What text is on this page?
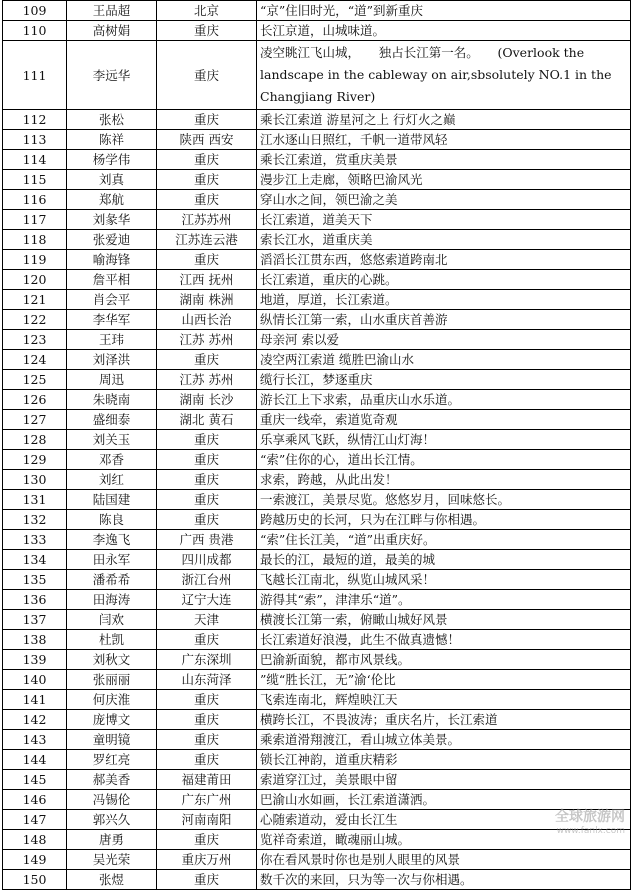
109	王品超	北京	“京”住旧时光，“道”到新重庆
110	高树娟	重庆	长江京道，山城味道。
111	李远华	重庆	凌空眺江飞山城，　　独占长江第一名。　　(Overlook the landscape in the cableway on air,sbsolutely NO.1 in the Changjiang River)
112	张松	重庆	乘长江索道 游星河之上 行灯火之巅
113	陈祥	陕西 西安	江水逐山日照红，千帆一道带风轻
114	杨学伟	重庆	乘长江索道，赏重庆美景
115	刘真	重庆	漫步江上走廊，领略巴渝风光
116	郑航	重庆	穿山水之间，领巴渝之美
117	刘彖华	江苏苏州	长江索道，道美天下
118	张爱迪	江苏连云港	索长江水，道重庆美
119	喻海锋	重庆	滔滔长江贯东西，悠悠索道跨南北
120	詹平相	江西 抚州	长江索道，重庆的心跳。
121	肖会平	湖南 株洲	地道，厚道，长江索道。
122	李华军	山西长治	纵情长江第一索，山水重庆首善游
123	王玮	江苏 苏州	母亲河 索以爱
124	刘泽洪	重庆	凌空两江索道 缆胜巴渝山水
125	周迅	江苏 苏州	缆行长江，梦逐重庆
126	朱晓南	湖南 长沙	游长江上下求索，品重庆山水乐道。
127	盛细泰	湖北 黄石	重庆一线牵，索道览奇观
128	刘关玉	重庆	乐享乘风飞跃，纵情江山灯海！
129	邓香	重庆	“索”住你的心，道出长江情。
130	刘红	重庆	求索，跨越，从此出发！
131	陆国建	重庆	一索渡江，美景尽览。悠悠岁月，回味悠长。
132	陈良	重庆	跨越历史的长河，只为在江畔与你相遇。
133	李逸飞	广西 贵港	“索”住长江美，“道”出重庆好。
134	田永军	四川成都	最长的江，最短的道，最美的城
135	潘希希	浙江台州	飞越长江南北，纵览山城风采！
136	田海涛	辽宁大连	游得其“索”，津津乐“道”。
137	闫欢	天津	横渡长江第一索，俯瞰山城好风景
138	杜凯	重庆	长江索道好浪漫，此生不做真遗憾！
139	刘秋文	广东深圳	巴渝新面貌，都市风景线。
140	张丽丽	山东菏泽	”缆“胜长江，无”渝‘伦比
141	何庆淮	重庆	飞索连南北，辉煌映江天
142	庞博文	重庆	横跨长江，不畏波涛；重庆名片，长江索道
143	童明镜	重庆	乘索道滑翔渡江，看山城立体美景。
144	罗红亮	重庆	锁长江神韵，道重庆精彩
145	郝美香	福建莆田	索道穿江过，美景眼中留
146	冯锡伦	广东广州	巴渝山水如画，长江索道潇洒。
147	郭兴久	河南南阳	心随索道动，爱由长江生
148	唐勇	重庆	览祥奇索道，瞰魂丽山城。
149	吴光荣	重庆万州	你在看风景时你也是别人眼里的风景
150	张煜	重庆	数千次的来回，只为等一次与你相遇。
全球旅游网
www.fanlx.com
